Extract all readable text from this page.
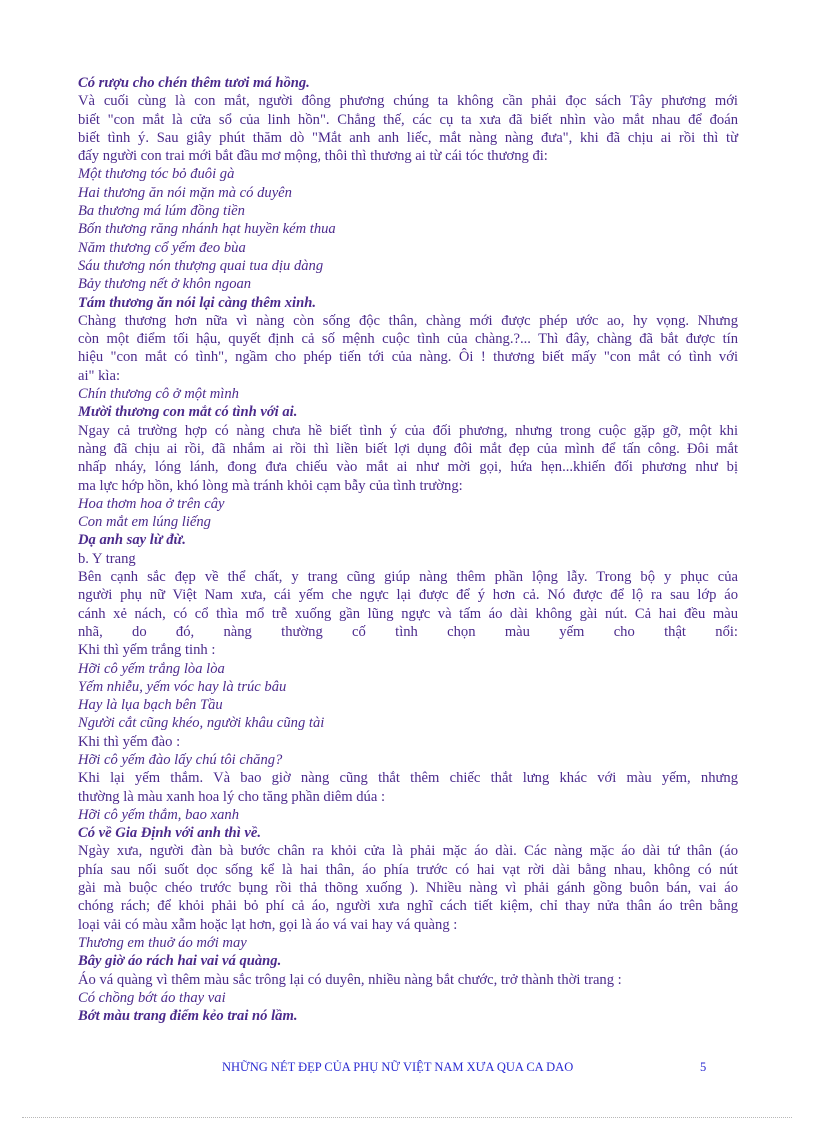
Có rượu cho chén thêm tươi má hồng.
Và cuối cùng là con mắt, người đông phương chúng ta không cần phải đọc sách Tây phương mới
biết "con mắt là cửa sổ của linh hồn". Chẳng thế, các cụ ta xưa đã biết nhìn vào mắt nhau để đoán
biết tình ý. Sau giây phút thăm dò "Mắt anh anh liếc, mắt nàng nàng đưa", khi đã chịu ai rồi thì từ
đấy người con trai mới bắt đầu mơ mộng, thôi thì thương ai từ cái tóc thương đi:
Một thương tóc bỏ đuôi gà
Hai thương ăn nói mặn mà có duyên
Ba thương má lúm đồng tiền
Bốn thương răng nhánh hạt huyền kém thua
Năm thương cổ yếm đeo bùa
Sáu thương nón thượng quai tua dịu dàng
Bảy thương nết ở khôn ngoan
Tám thương ăn nói lại càng thêm xinh.
Chàng thương hơn nữa vì nàng còn sống độc thân, chàng mới được phép ước ao, hy vọng. Nhưng
còn một điểm tối hậu, quyết định cả số mệnh cuộc tình của chàng.?... Thì đây, chàng đã bắt được tín
hiệu "con mắt có tình", ngầm cho phép tiến tới của nàng. Ôi ! thương biết mấy "con mắt có tình với
ai" kìa:
Chín thương cô ở một mình
Mười thương con mắt có tình với ai.
Ngay cả trường hợp có nàng chưa hề biết tình ý của đối phương, nhưng trong cuộc gặp gỡ, một khi
nàng đã chịu ai rồi, đã nhắm ai rồi thì liền biết lợi dụng đôi mắt đẹp của mình để tấn công. Đôi mắt
nhấp nháy, lóng lánh, đong đưa chiếu vào mắt ai như mời gọi, hứa hẹn...khiến đối phương như bị
ma lực hớp hồn, khó lòng mà tránh khỏi cạm bẫy của tình trường:
Hoa thơm hoa ở trên cây
Con mắt em lúng liếng
Dạ anh say lừ đừ.
b. Y trang
Bên cạnh sắc đẹp về thể chất, y trang cũng giúp nàng thêm phần lộng lẫy. Trong bộ y phục của
người phụ nữ Việt Nam xưa, cái yếm che ngực lại được để ý hơn cả. Nó được để lộ ra sau lớp áo
cánh xẻ nách, có cổ thìa mổ trễ xuống gần lũng ngực và tấm áo dài không gài nút. Cả hai đều màu
nhã, do đó, nàng thường cố tình chọn màu yếm cho thật nổi:
Khi thì yếm trắng tinh :
Hỡi cô yếm trắng lòa lòa
Yếm nhiễu, yếm vóc hay là trúc bâu
Hay là lụa bạch bên Tầu
Người cắt cũng khéo, người khâu cũng tài
Khi thì yếm đào :
Hỡi cô yếm đào lấy chú tôi chăng?
Khi lại yếm thắm. Và bao giờ nàng cũng thắt thêm chiếc thắt lưng khác với màu yếm, nhưng
thường là màu xanh hoa lý cho tăng phần diêm dúa :
Hỡi cô yếm thắm, bao xanh
Có về Gia Định với anh thì về.
Ngày xưa, người đàn bà bước chân ra khỏi cửa là phải mặc áo dài. Các nàng mặc áo dài tứ thân (áo
phía sau nối suốt dọc sống kể là hai thân, áo phía trước có hai vạt rời dài bằng nhau, không có nút
gài mà buộc chéo trước bụng rồi thả thõng xuống ). Nhiều nàng vì phải gánh gồng buôn bán, vai áo
chóng rách; để khỏi phải bỏ phí cả áo, người xưa nghĩ cách tiết kiệm, chỉ thay nửa thân áo trên bằng
loại vải có màu xẫm hoặc lạt hơn, gọi là áo vá vai hay vá quàng :
Thương em thuở áo mới may
Bây giờ áo rách hai vai vá quàng.
Áo vá quàng vì thêm màu sắc trông lại có duyên, nhiều nàng bắt chước, trở thành thời trang :
Có chồng bớt áo thay vai
Bớt màu trang điểm kẻo trai nó lầm.
NHỮNG NÉT ĐẸP CỦA PHỤ NỮ VIỆT NAM XƯA QUA CA DAO	5
